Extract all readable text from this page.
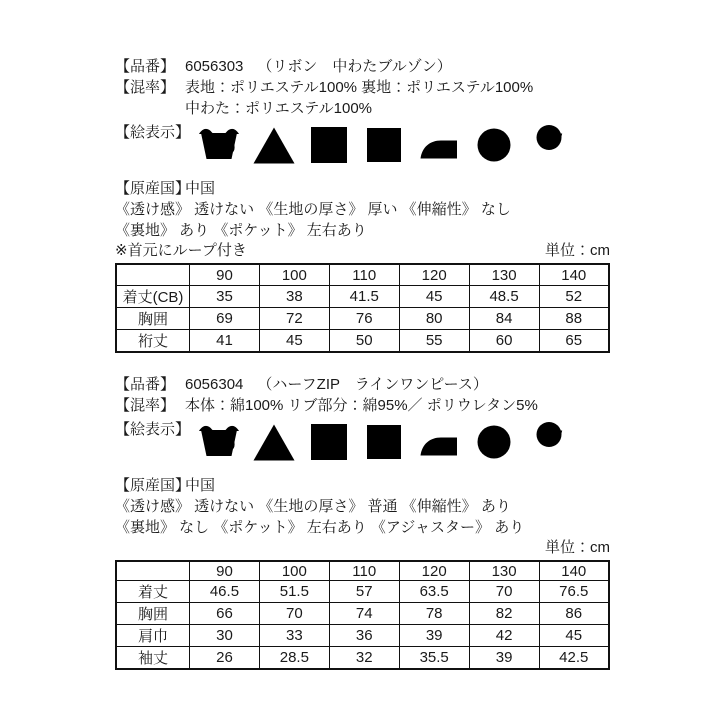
【品番】 6056303 （リボン　中わたブルゾン）
【混率】 表地：ポリエステル100% 裏地：ポリエステル100%
中わた：ポリエステル100%
【絵表示】
【原産国】
中国
《透け感》 透けない 《生地の厚さ》 厚い 《伸縮性》 なし
《裏地》 あり 《ポケット》 左右あり
※首元にループ付き	単位：cm
	90	100	110	120	130	140
着丈(CB)	35	38	41.5	45	48.5	52
胸囲	69	72	76	80	84	88
裄丈	41	45	50	55	60	65
【品番】 6056304 （ハーフZIP　ラインワンピース）
【混率】 本体：綿100% リブ部分：綿95%／ ポリウレタン5%
【絵表示】
【原産国】
中国
《透け感》 透けない 《生地の厚さ》 普通 《伸縮性》 あり
《裏地》 なし 《ポケット》 左右あり 《アジャスター》 あり
単位：cm
	90	100	110	120	130	140
着丈	46.5	51.5	57	63.5	70	76.5
胸囲	66	70	74	78	82	86
肩巾	30	33	36	39	42	45
袖丈	26	28.5	32	35.5	39	42.5
